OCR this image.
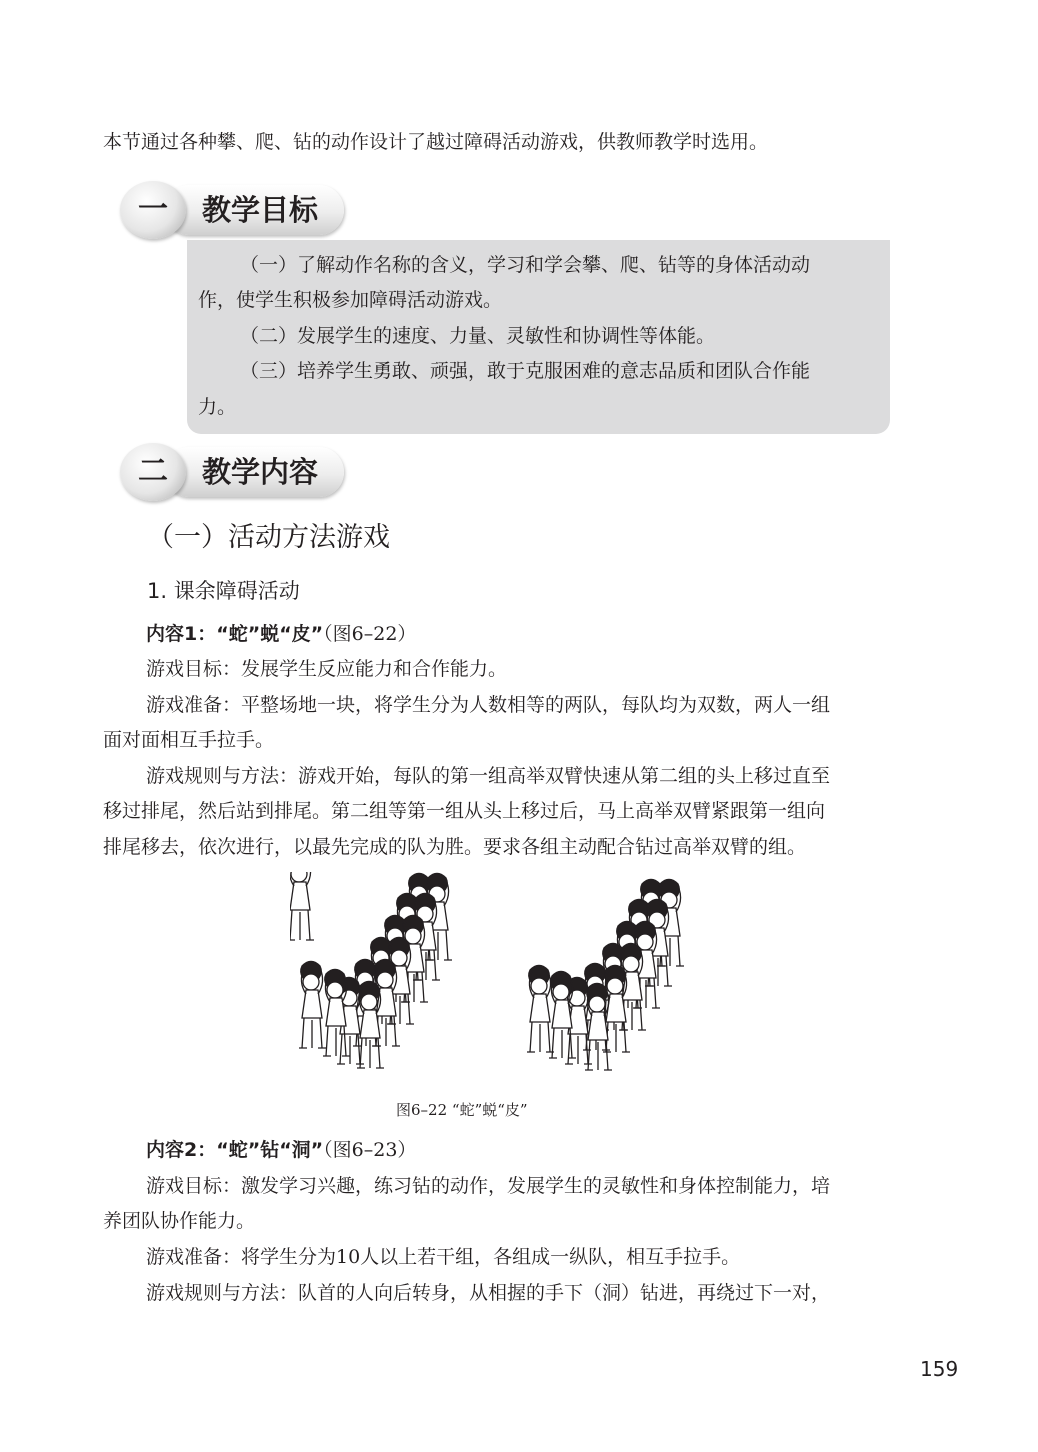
本节通过各种攀、爬、钻的动作设计了越过障碍活动游戏，供教师教学时选用。
一	教学目标
（一）了解动作名称的含义，学习和学会攀、爬、钻等的身体活动动
作，使学生积极参加障碍活动游戏。
（二）发展学生的速度、力量、灵敏性和协调性等体能。
（三）培养学生勇敢、顽强，敢于克服困难的意志品质和团队合作能
力。
二	教学内容
（一）活动方法游戏
1. 课余障碍活动
内容1：“蛇”蜕“皮”（图6–22）
游戏目标：发展学生反应能力和合作能力。
游戏准备：平整场地一块，将学生分为人数相等的两队，每队均为双数，两人一组
面对面相互手拉手。
游戏规则与方法：游戏开始，每队的第一组高举双臂快速从第二组的头上移过直至
移过排尾，然后站到排尾。第二组等第一组从头上移过后，马上高举双臂紧跟第一组向
排尾移去，依次进行，以最先完成的队为胜。要求各组主动配合钻过高举双臂的组。
图6–22 “蛇”蜕“皮”
内容2：“蛇”钻“洞”（图6–23）
游戏目标：激发学习兴趣，练习钻的动作，发展学生的灵敏性和身体控制能力，培
养团队协作能力。
游戏准备：将学生分为10人以上若干组，各组成一纵队，相互手拉手。
游戏规则与方法：队首的人向后转身，从相握的手下（洞）钻进，再绕过下一对，
159
